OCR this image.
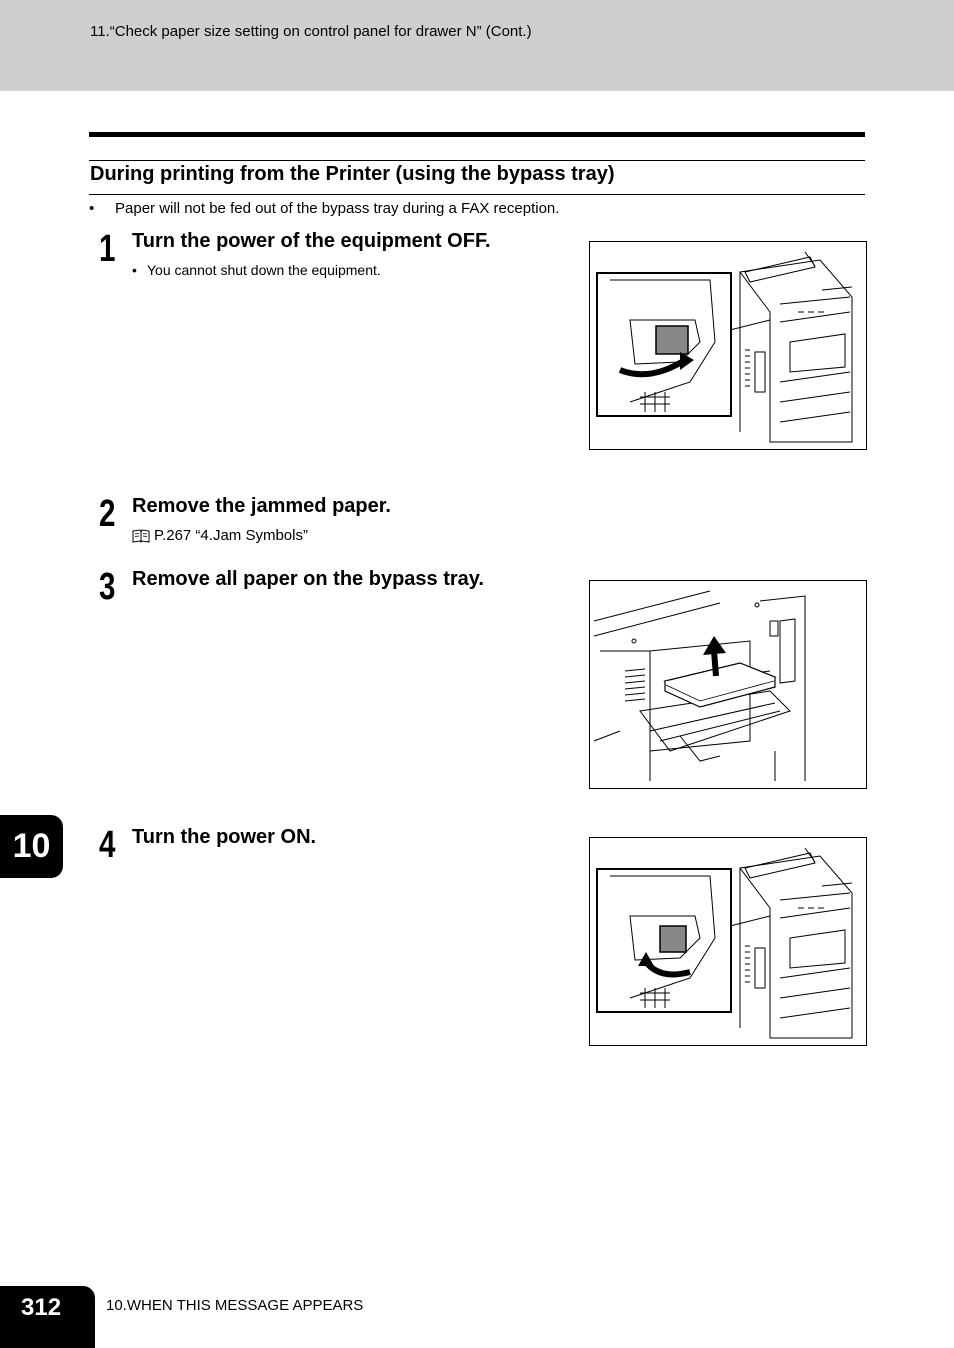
11.“Check paper size setting on control panel for drawer N” (Cont.)
During printing from the Printer (using the bypass tray)
• Paper will not be fed out of the bypass tray during a FAX reception.
1 Turn the power of the equipment OFF.
• You cannot shut down the equipment.
2 Remove the jammed paper.
P.267 “4.Jam Symbols”
3 Remove all paper on the bypass tray.
10	4 Turn the power ON.
312	10.WHEN THIS MESSAGE APPEARS
